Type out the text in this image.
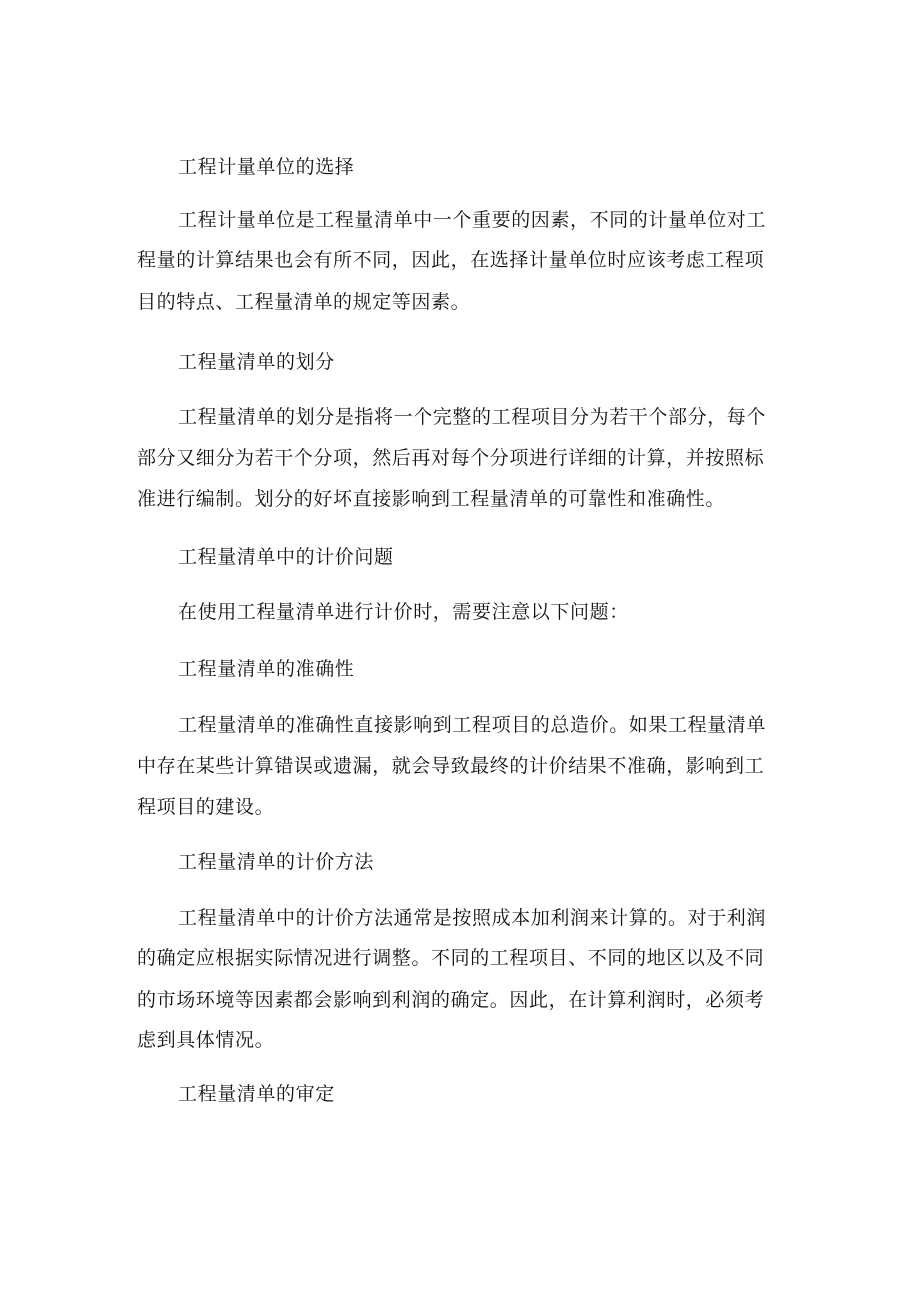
工程计量单位的选择
工程计量单位是工程量清单中一个重要的因素，不同的计量单位对工
程量的计算结果也会有所不同，因此，在选择计量单位时应该考虑工程项
目的特点、工程量清单的规定等因素。
工程量清单的划分
工程量清单的划分是指将一个完整的工程项目分为若干个部分，每个
部分又细分为若干个分项，然后再对每个分项进行详细的计算，并按照标
准进行编制。划分的好坏直接影响到工程量清单的可靠性和准确性。
工程量清单中的计价问题
在使用工程量清单进行计价时，需要注意以下问题：
工程量清单的准确性
工程量清单的准确性直接影响到工程项目的总造价。如果工程量清单
中存在某些计算错误或遗漏，就会导致最终的计价结果不准确，影响到工
程项目的建设。
工程量清单的计价方法
工程量清单中的计价方法通常是按照成本加利润来计算的。对于利润
的确定应根据实际情况进行调整。不同的工程项目、不同的地区以及不同
的市场环境等因素都会影响到利润的确定。因此，在计算利润时，必须考
虑到具体情况。
工程量清单的审定
